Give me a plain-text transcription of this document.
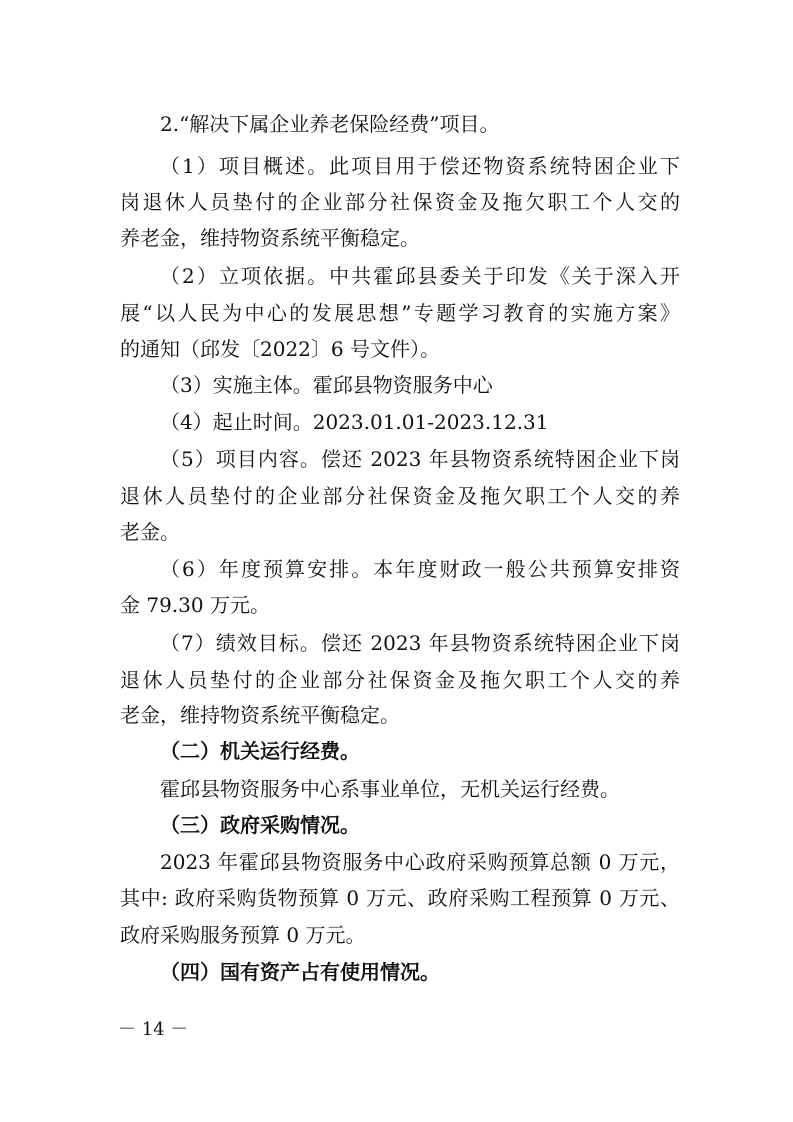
2.“解决下属企业养老保险经费”项目。
（1）项目概述。此项目用于偿还物资系统特困企业下
岗退休人员垫付的企业部分社保资金及拖欠职工个人交的
养老金，维持物资系统平衡稳定。
（2）立项依据。中共霍邱县委关于印发《关于深入开
展“以人民为中心的发展思想”专题学习教育的实施方案》
的通知（邱发〔2022〕6 号文件）。
（3）实施主体。霍邱县物资服务中心
（4）起止时间。2023.01.01-2023.12.31
（5）项目内容。偿还 2023 年县物资系统特困企业下岗
退休人员垫付的企业部分社保资金及拖欠职工个人交的养
老金。
（6）年度预算安排。本年度财政一般公共预算安排资
金 79.30 万元。
（7）绩效目标。偿还 2023 年县物资系统特困企业下岗
退休人员垫付的企业部分社保资金及拖欠职工个人交的养
老金，维持物资系统平衡稳定。
（二）机关运行经费。
霍邱县物资服务中心系事业单位，无机关运行经费。
（三）政府采购情况。
2023 年霍邱县物资服务中心政府采购预算总额 0 万元，
其中: 政府采购货物预算 0 万元、政府采购工程预算 0 万元、
政府采购服务预算 0 万元。
（四）国有资产占有使用情况。
－ 14 －
